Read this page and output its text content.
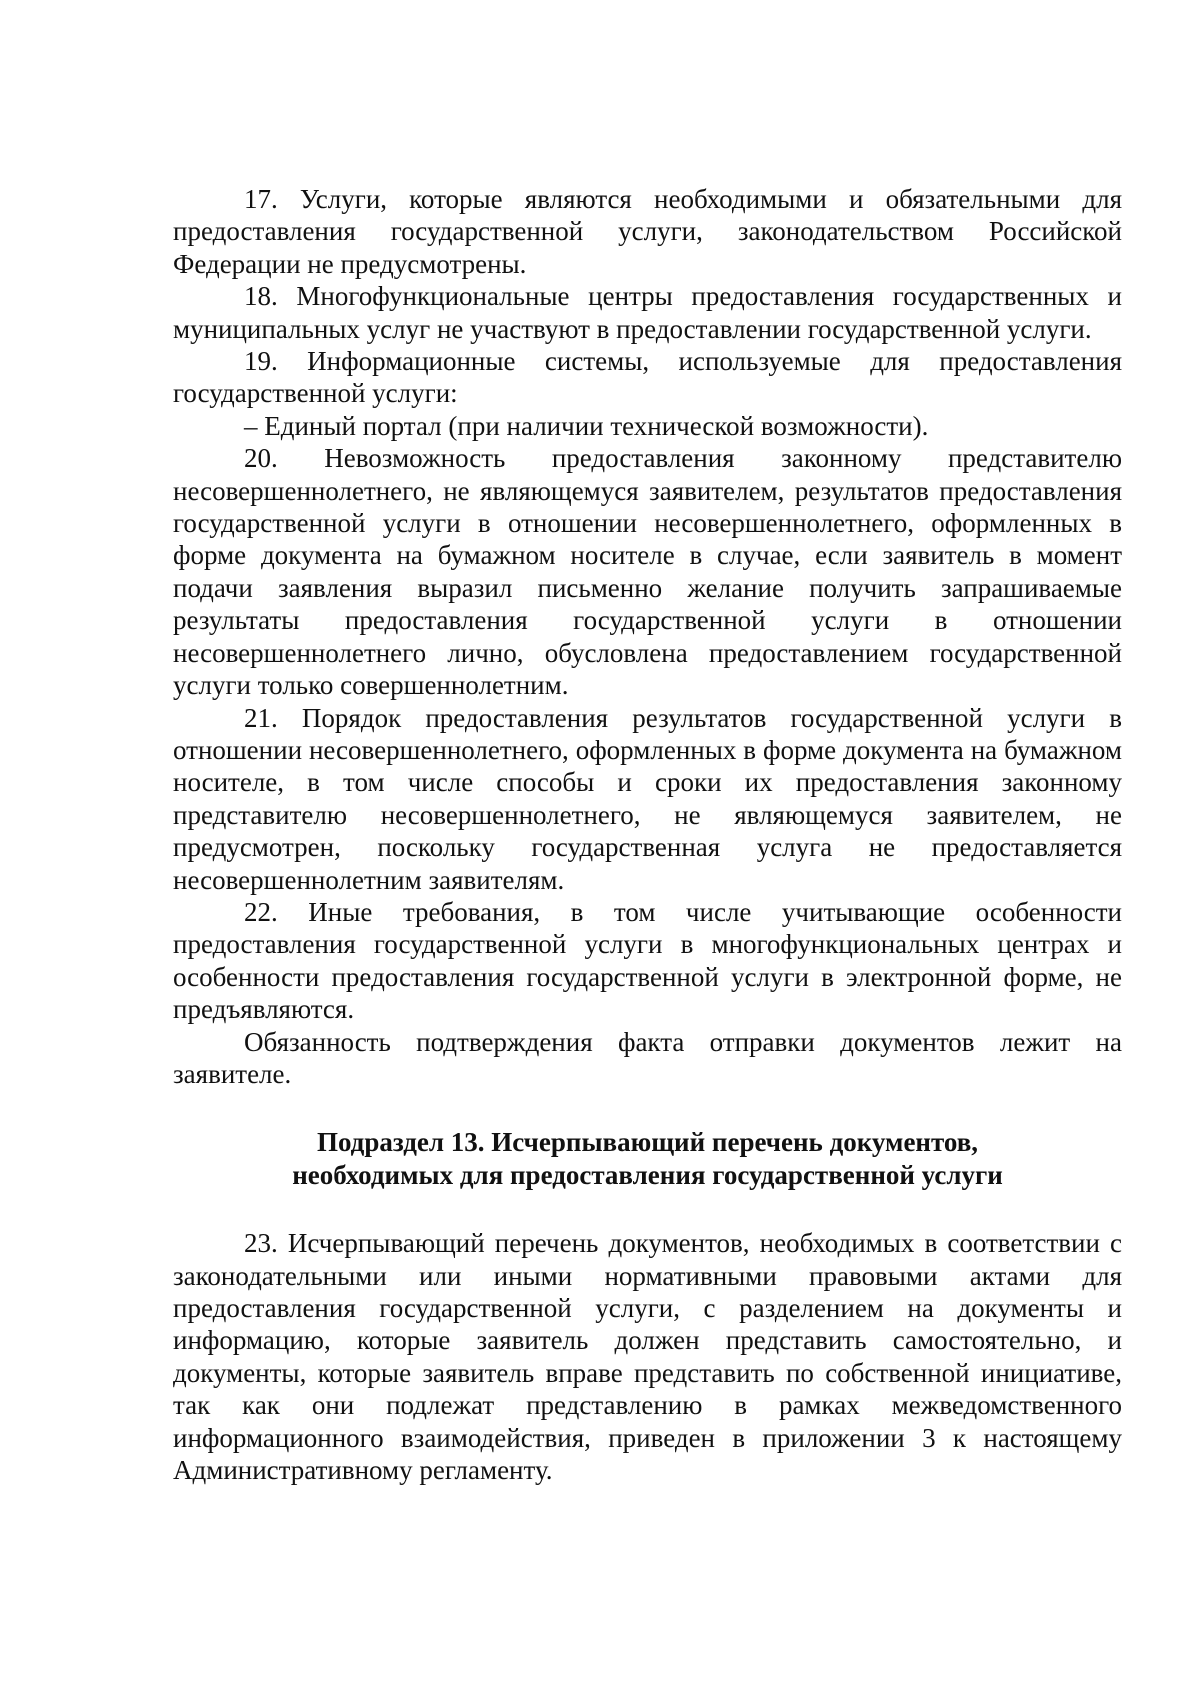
17. Услуги, которые являются необходимыми и обязательными для предоставления государственной услуги, законодательством Российской Федерации не предусмотрены.

18. Многофункциональные центры предоставления государственных и муниципальных услуг не участвуют в предоставлении государственной услуги.

19. Информационные системы, используемые для предоставления государственной услуги:

– Единый портал (при наличии технической возможности).

20. Невозможность предоставления законному представителю несовершеннолетнего, не являющемуся заявителем, результатов предоставления государственной услуги в отношении несовершеннолетнего, оформленных в форме документа на бумажном носителе в случае, если заявитель в момент подачи заявления выразил письменно желание получить запрашиваемые результаты предоставления государственной услуги в отношении несовершеннолетнего лично, обусловлена предоставлением государственной услуги только совершеннолетним.

21. Порядок предоставления результатов государственной услуги в отношении несовершеннолетнего, оформленных в форме документа на бумажном носителе, в том числе способы и сроки их предоставления законному представителю несовершеннолетнего, не являющемуся заявителем, не предусмотрен, поскольку государственная услуга не предоставляется несовершеннолетним заявителям.

22. Иные требования, в том числе учитывающие особенности предоставления государственной услуги в многофункциональных центрах и особенности предоставления государственной услуги в электронной форме, не предъявляются.

Обязанность подтверждения факта отправки документов лежит на заявителе.

Подраздел 13. Исчерпывающий перечень документов,
необходимых для предоставления государственной услуги

23. Исчерпывающий перечень документов, необходимых в соответствии с законодательными или иными нормативными правовыми актами для предоставления государственной услуги, с разделением на документы и информацию, которые заявитель должен представить самостоятельно, и документы, которые заявитель вправе представить по собственной инициативе, так как они подлежат представлению в рамках межведомственного информационного взаимодействия, приведен в приложении 3 к настоящему Административному регламенту.
